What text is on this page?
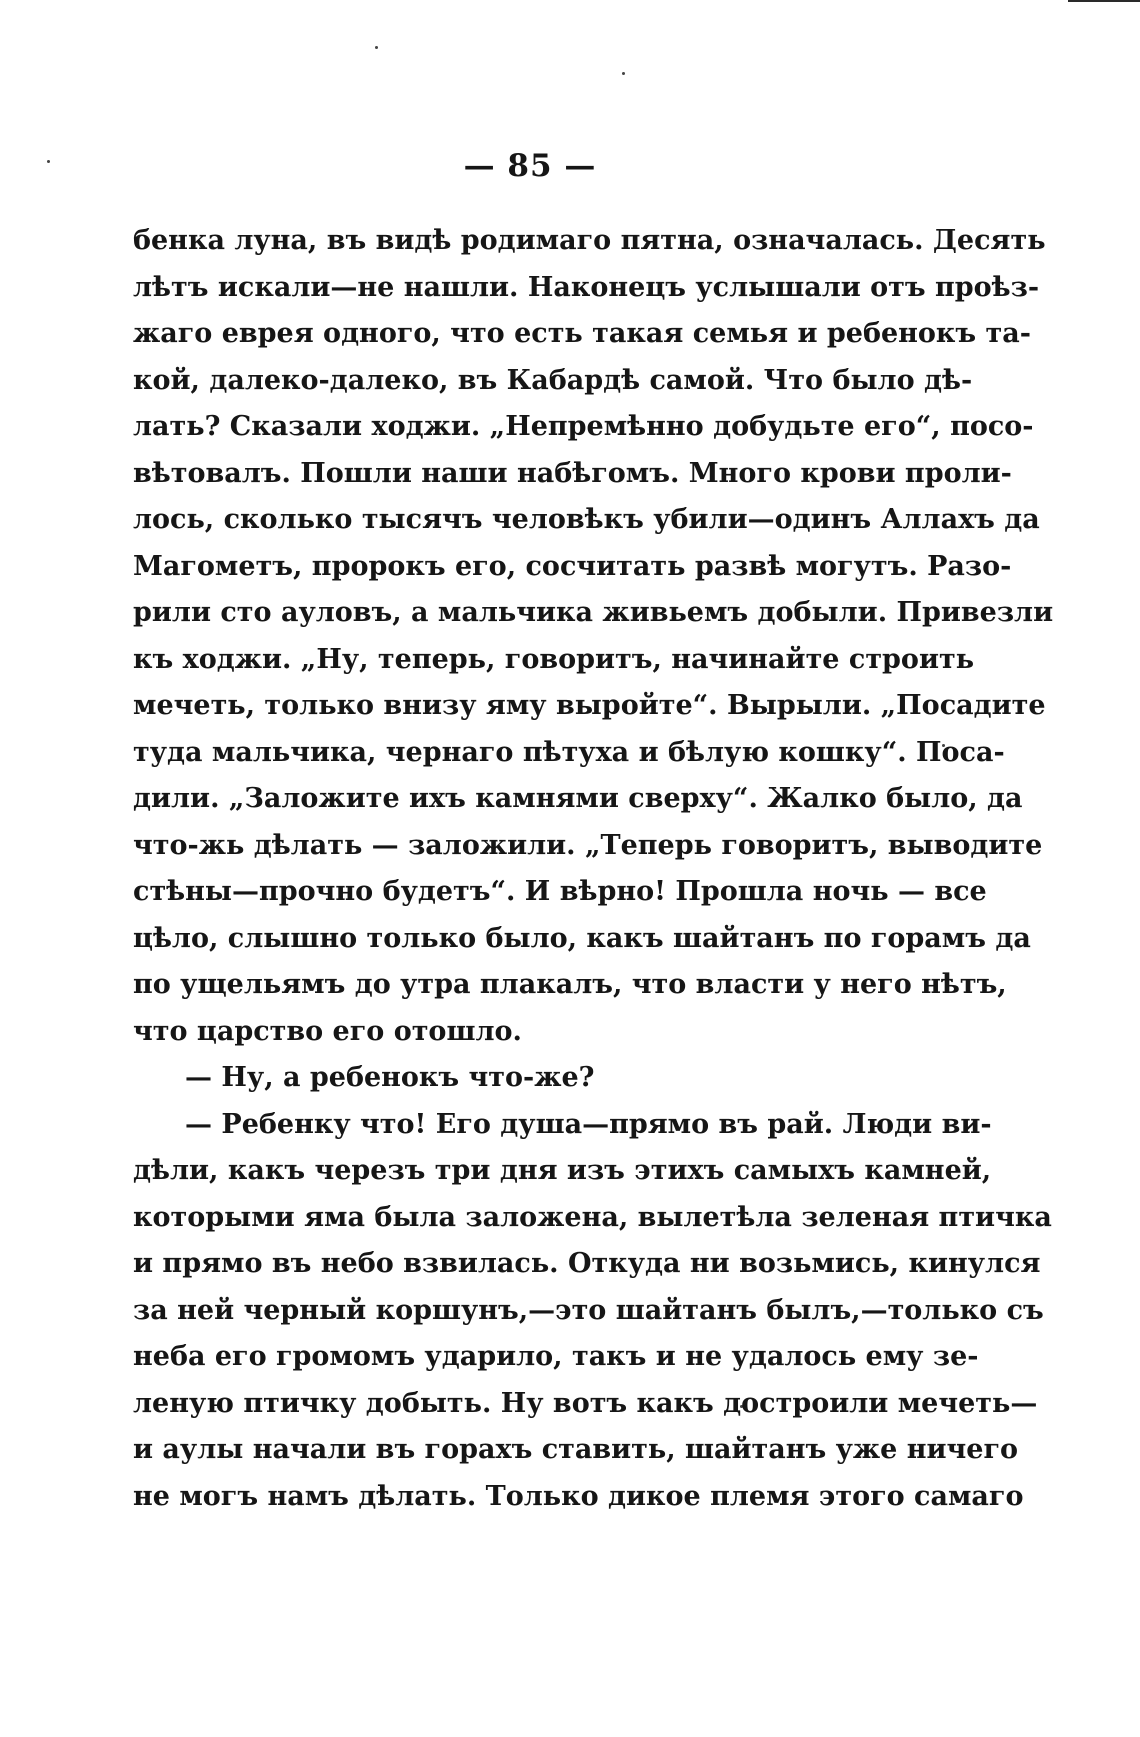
— 85 —
бенка луна, въ видѣ родимаго пятна, означалась. Десять
лѣтъ искали—не нашли. Наконецъ услышали отъ проѣз-
жаго еврея одного, что есть такая семья и ребенокъ та-
кой, далеко-далеко, въ Кабардѣ самой. Что было дѣ-
лать? Сказали ходжи. „Непремѣнно добудьте его“, посо-
вѣтовалъ. Пошли наши набѣгомъ. Много крови проли-
лось, сколько тысячъ человѣкъ убили—одинъ Аллахъ да
Магометъ, пророкъ его, сосчитать развѣ могутъ. Разо-
рили сто ауловъ, а мальчика живьемъ добыли. Привезли
къ ходжи. „Ну, теперь, говоритъ, начинайте строить
мечеть, только внизу яму выройте“. Вырыли. „Посадите
туда мальчика, чернаго пѣтуха и бѣлую кошку“. Поса-
дили. „Заложите ихъ камнями сверху“. Жалко было, да
что-жь дѣлать — заложили. „Теперь говоритъ, выводите
стѣны—прочно будетъ“. И вѣрно! Прошла ночь — все
цѣло, слышно только было, какъ шайтанъ по горамъ да
по ущельямъ до утра плакалъ, что власти у него нѣтъ,
что царство его отошло.
— Ну, а ребенокъ что-же?
— Ребенку что! Его душа—прямо въ рай. Люди ви-
дѣли, какъ черезъ три дня изъ этихъ самыхъ камней,
которыми яма была заложена, вылетѣла зеленая птичка
и прямо въ небо взвилась. Откуда ни возьмись, кинулся
за ней черный коршунъ,—это шайтанъ былъ,—только съ
неба его громомъ ударило, такъ и не удалось ему зе-
леную птичку добыть. Ну вотъ какъ достроили мечеть—
и аулы начали въ горахъ ставить, шайтанъ уже ничего
не могъ намъ дѣлать. Только дикое племя этого самаго
